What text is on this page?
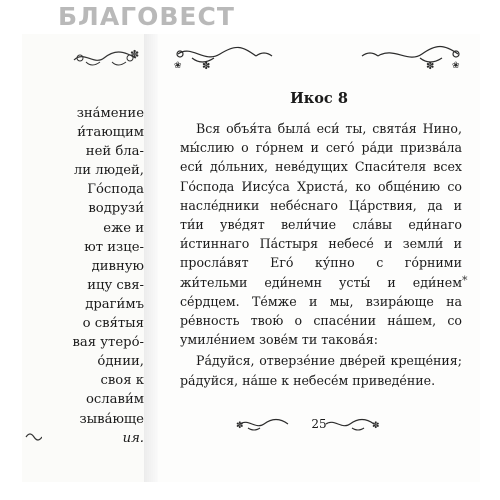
БЛАГОВЕСТ
✽
зна́мение
и́тающим
ней бла-
ли людей,
Го́спода
водрузи́
еже и
ют изце-
дивную
ицу свя-
драги́мъ
о свя́тыя
вая утеро́-
о́днии,
своя к
ослави́м
зыва́юще
ия.
✽	✽
❀	❀
Икос 8

Вся объя́та была́ еси́ ты, свята́я Нино, мы́слию о го́рнем и сего́ ра́ди призва́ла еси́ до́льних, неве́дущих Спаси́теля всех Го́спода Иису́са Христа́, ко обще́нию со насле́дники небе́снаго Ца́рствия, да и ти́и уве́дят вели́чие сла́вы еди́наго и́стиннаго Па́стыря небесе́ и земли́ и просла́вят Его́ ку́пно с го́рними жи́тельми еди́немн усты́ и еди́нем се́рдцем. Те́мже и мы, взира́юще на ре́вность твою́ о спасе́нии на́шем, со умиле́нием зове́м ти такова́я:

Ра́дуйся, отверзе́ние две́рей креще́ния; ра́дуйся, на́ше к небесе́м приведе́ние.

✽	25	✽
*
